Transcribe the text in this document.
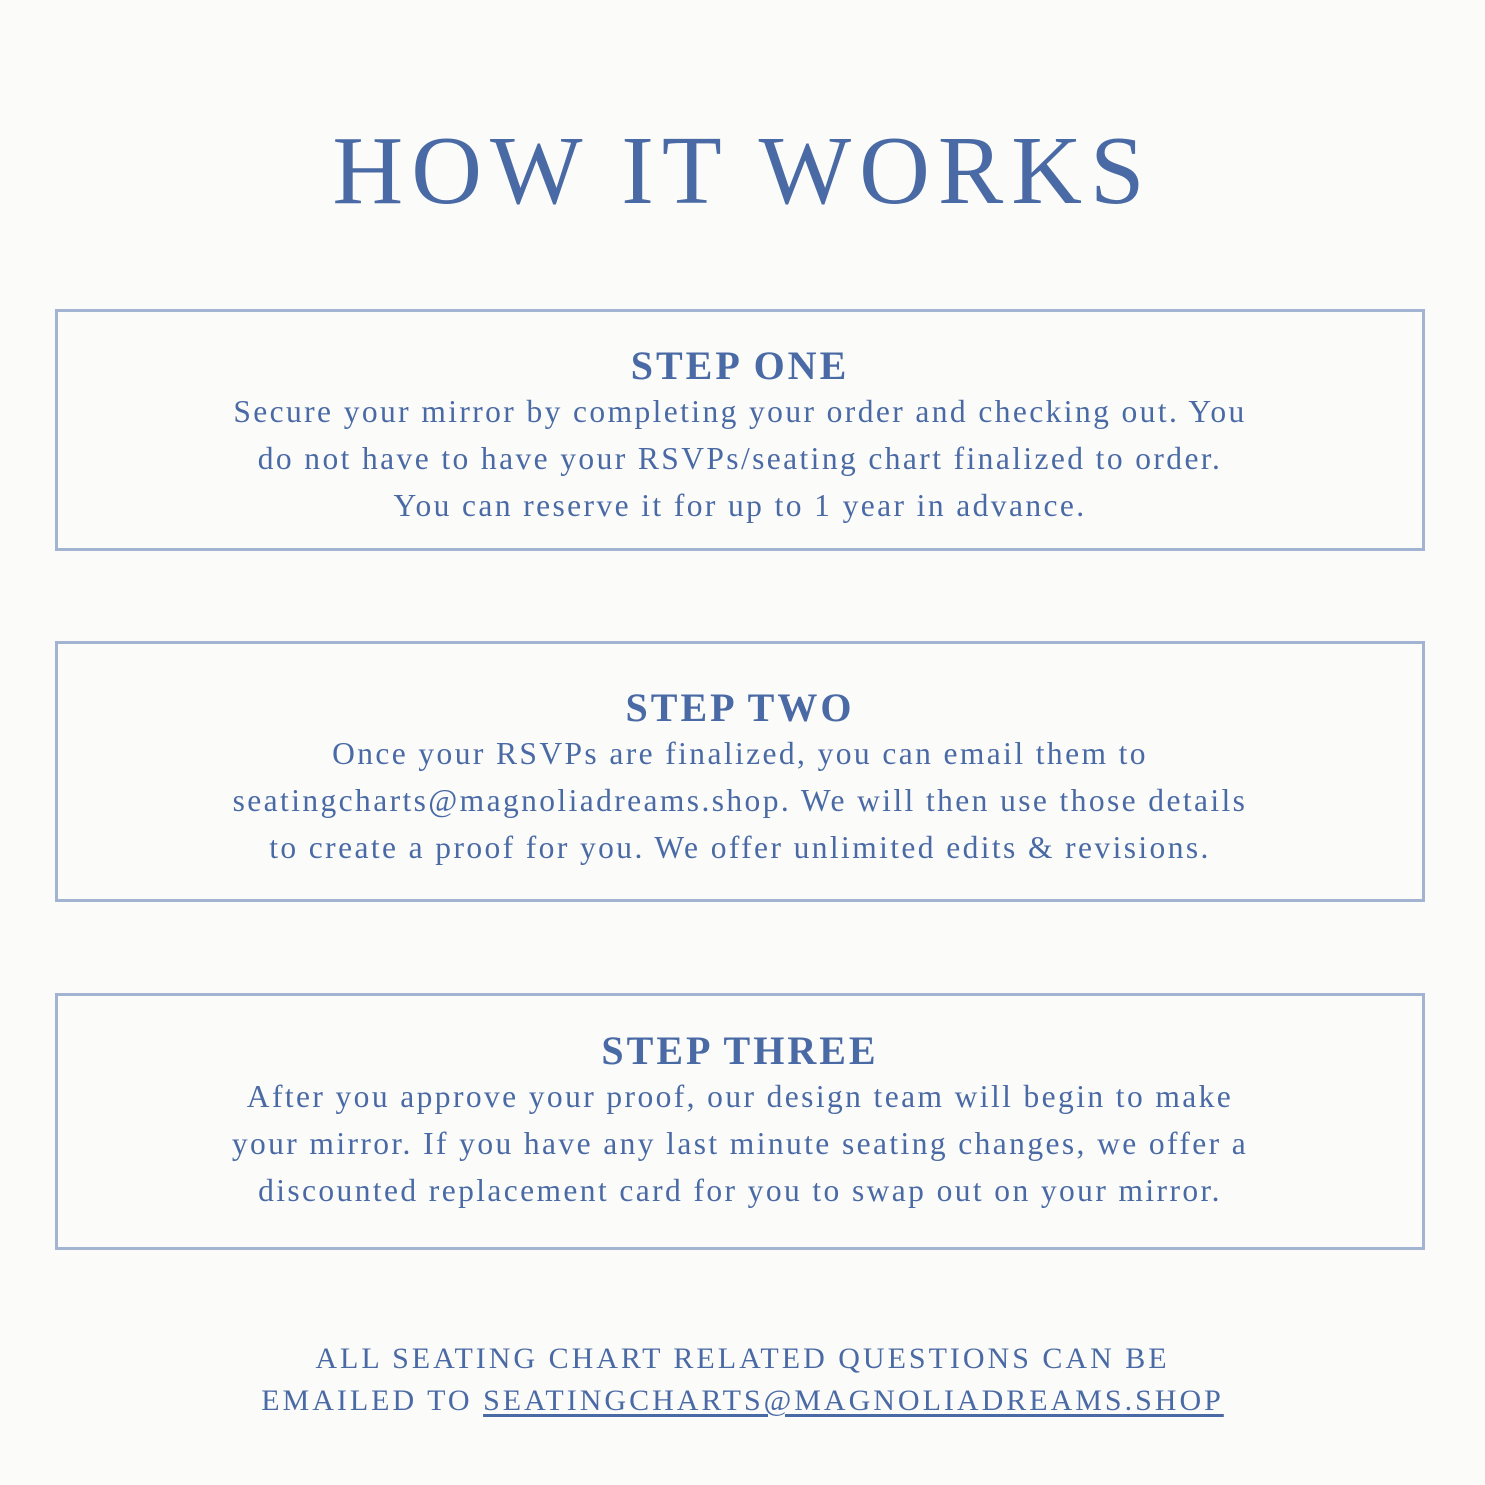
HOW IT WORKS
STEP ONE
Secure your mirror by completing your order and checking out. You
do not have to have your RSVPs/seating chart finalized to order.
You can reserve it for up to 1 year in advance.
STEP TWO
Once your RSVPs are finalized, you can email them to
seatingcharts@magnoliadreams.shop. We will then use those details
to create a proof for you. We offer unlimited edits & revisions.
STEP THREE
After you approve your proof, our design team will begin to make
your mirror. If you have any last minute seating changes, we offer a
discounted replacement card for you to swap out on your mirror.
ALL SEATING CHART RELATED QUESTIONS CAN BE
EMAILED TO SEATINGCHARTS@MAGNOLIADREAMS.SHOP
